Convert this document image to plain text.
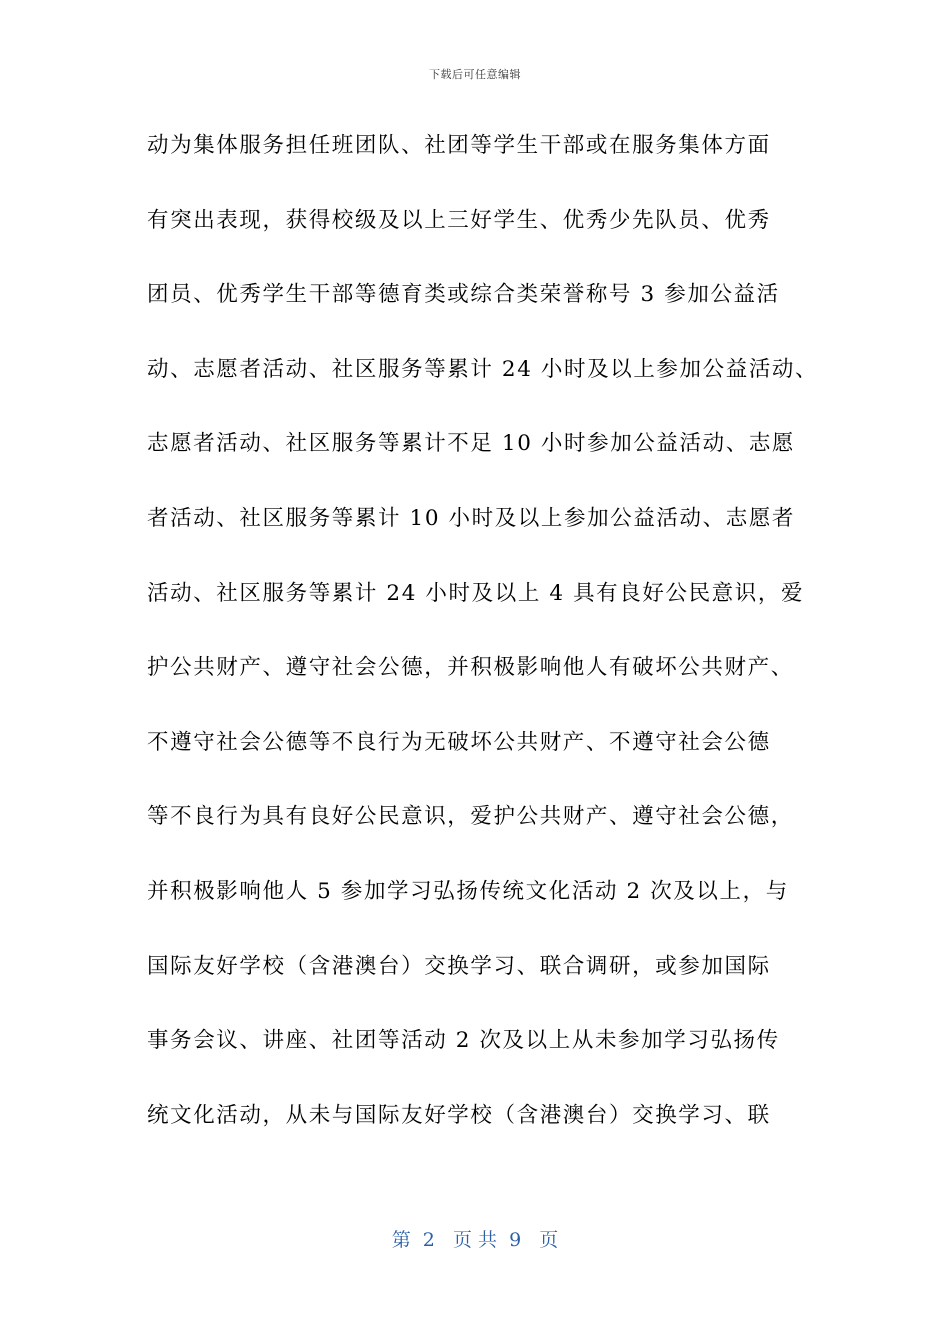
下载后可任意编辑
动为集体服务担任班团队、社团等学生干部或在服务集体方面
有突出表现，获得校级及以上三好学生、优秀少先队员、优秀
团员、优秀学生干部等德育类或综合类荣誉称号 3 参加公益活
动、志愿者活动、社区服务等累计 24 小时及以上参加公益活动、
志愿者活动、社区服务等累计不足 10 小时参加公益活动、志愿
者活动、社区服务等累计 10 小时及以上参加公益活动、志愿者
活动、社区服务等累计 24 小时及以上 4 具有良好公民意识，爱
护公共财产、遵守社会公德，并积极影响他人有破坏公共财产、
不遵守社会公德等不良行为无破坏公共财产、不遵守社会公德
等不良行为具有良好公民意识，爱护公共财产、遵守社会公德，
并积极影响他人 5 参加学习弘扬传统文化活动 2 次及以上，与
国际友好学校（含港澳台）交换学习、联合调研，或参加国际
事务会议、讲座、社团等活动 2 次及以上从未参加学习弘扬传
统文化活动，从未与国际友好学校（含港澳台）交换学习、联
第  2   页 共  9   页
